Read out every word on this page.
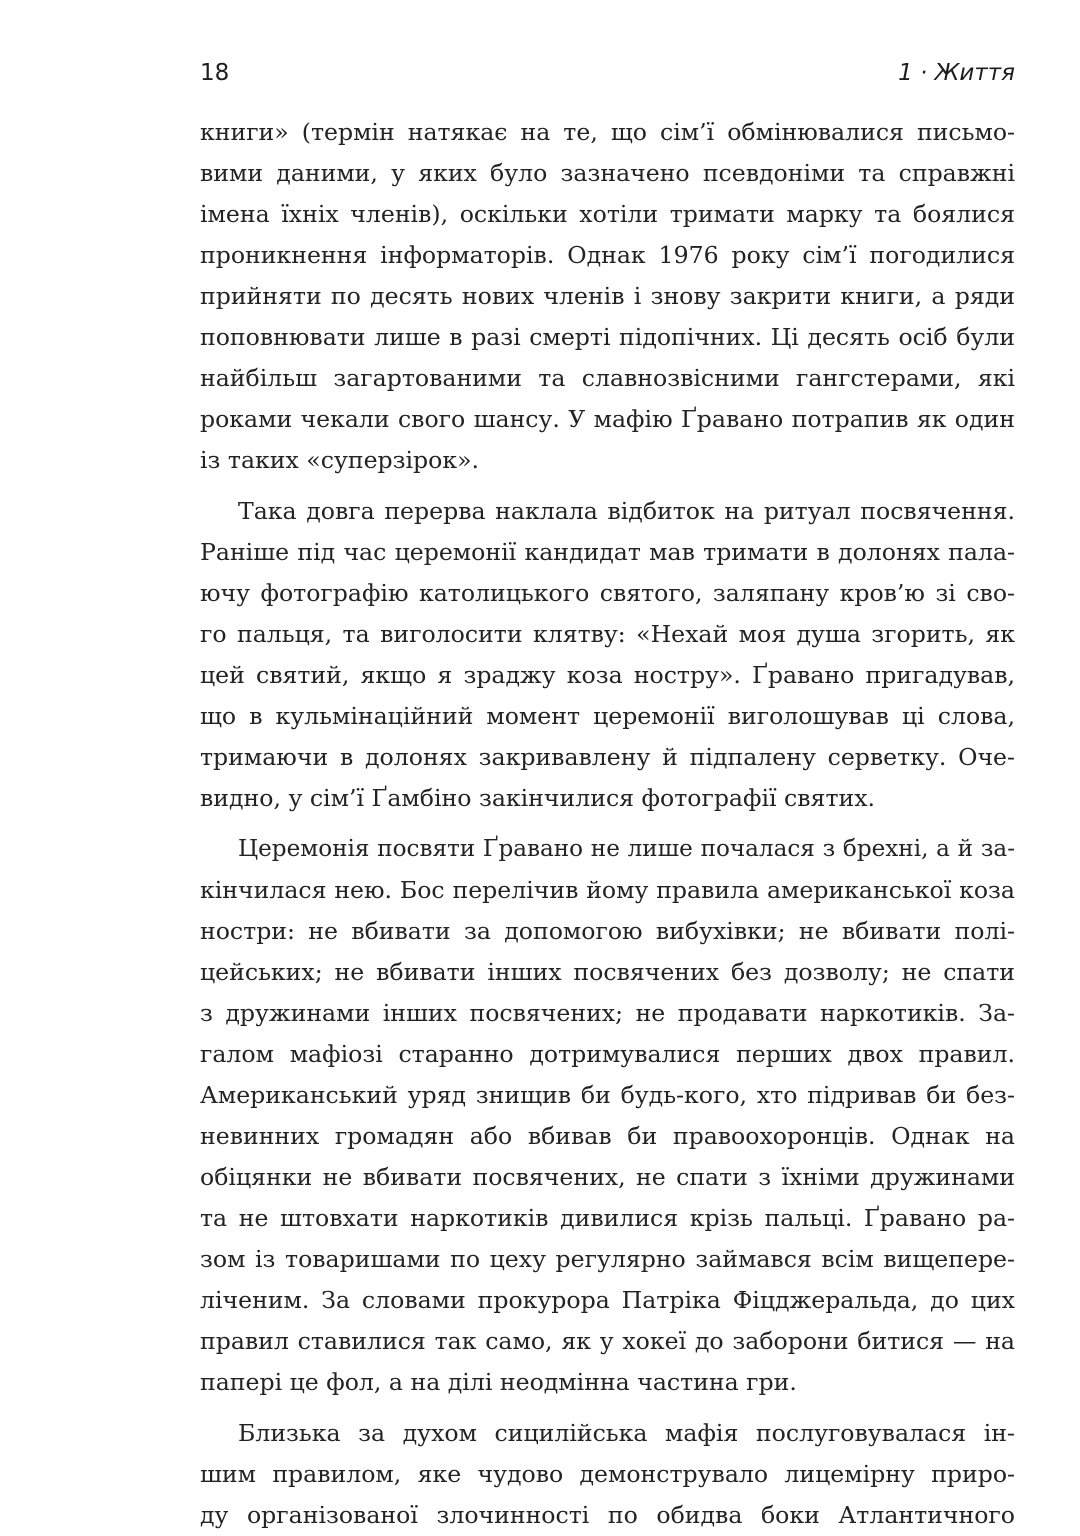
18	1 · Життя
книги» (термін натякає на те, що сім’ї обмінювалися письмо-
вими даними, у яких було зазначено псевдоніми та справжні
імена їхніх членів), оскільки хотіли тримати марку та боялися
проникнення інформаторів. Однак 1976 року сім’ї погодилися
прийняти по десять нових членів і знову закрити книги, а ряди
поповнювати лише в разі смерті підопічних. Ці десять осіб були
найбільш загартованими та славнозвісними гангстерами, які
роками чекали свого шансу. У мафію Ґравано потрапив як один
із таких «суперзірок».
Така довга перерва наклала відбиток на ритуал посвячення.
Раніше під час церемонії кандидат мав тримати в долонях пала-
ючу фотографію католицького святого, заляпану кров’ю зі сво-
го пальця, та виголосити клятву: «Нехай моя душа згорить, як
цей святий, якщо я зраджу коза ностру». Ґравано пригадував,
що в кульмінаційний момент церемонії виголошував ці слова,
тримаючи в долонях закривавлену й підпалену серветку. Оче-
видно, у сім’ї Ґамбіно закінчилися фотографії святих.
Церемонія посвяти Ґравано не лише почалася з брехні, а й за-
кінчилася нею. Бос перелічив йому правила американської коза
ностри: не вбивати за допомогою вибухівки; не вбивати полі-
цейських; не вбивати інших посвячених без дозволу; не спати
з дружинами інших посвячених; не продавати наркотиків. За-
галом мафіозі старанно дотримувалися перших двох правил.
Американський уряд знищив би будь-кого, хто підривав би без-
невинних громадян або вбивав би правоохоронців. Однак на
обіцянки не вбивати посвячених, не спати з їхніми дружинами
та не штовхати наркотиків дивилися крізь пальці. Ґравано ра-
зом із товаришами по цеху регулярно займався всім вищепере-
ліченим. За словами прокурора Патріка Фіцджеральда, до цих
правил ставилися так само, як у хокеї до заборони битися — на
папері це фол, а на ділі неодмінна частина гри.
Близька за духом сицилійська мафія послуговувалася ін-
шим правилом, яке чудово демонструвало лицемірну приро-
ду організованої злочинності по обидва боки Атлантичного
